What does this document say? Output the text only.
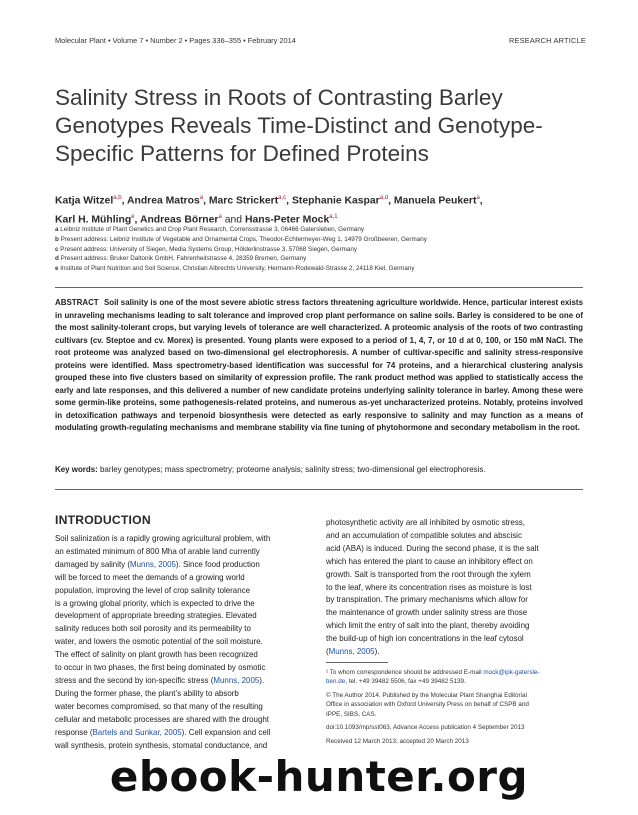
Molecular Plant • Volume 7 • Number 2 • Pages 336–355 • February 2014	RESEARCH ARTICLE
Salinity Stress in Roots of Contrasting Barley
Genotypes Reveals Time-Distinct and Genotype-
Specific Patterns for Defined Proteins
Katja Witzel$^{a,b}$, Andrea Matros$^a$, Marc Strickert$^{a,c}$, Stephanie Kaspar$^{a,d}$, Manuela Peukert$^a$,
Karl H. Mühling$^e$, Andreas Börner$^a$ and Hans-Peter Mock$^{a,1}$
a Leibniz Institute of Plant Genetics and Crop Plant Research, Corrensstrasse 3, 06466 Gatersleben, Germany
b Present address: Leibniz Institute of Vegetable and Ornamental Crops, Theodor-Echtermeyer-Weg 1, 14979 Großbeeren, Germany
c Present address: University of Siegen, Media Systems Group, Hölderlinstrasse 3, 57068 Siegen, Germany
d Present address: Bruker Daltonik GmbH, Fahrenheitstrasse 4, 28359 Bremen, Germany
e Institute of Plant Nutrition and Soil Science, Christian Albrechts University, Hermann-Rodewald-Strasse 2, 24118 Kiel, Germany

ABSTRACT Soil salinity is one of the most severe abiotic stress factors threatening agriculture worldwide. Hence, particular interest exists in unraveling mechanisms leading to salt tolerance and improved crop plant performance on saline soils. Barley is considered to be one of the most salinity-tolerant crops, but varying levels of tolerance are well characterized. A proteomic analysis of the roots of two contrasting cultivars (cv. Steptoe and cv. Morex) is presented. Young plants were exposed to a period of 1, 4, 7, or 10 d at 0, 100, or 150 mM NaCl. The root proteome was analyzed based on two-dimensional gel electrophoresis. A number of cultivar-specific and salinity stress-responsive proteins were identified. Mass spectrometry-based identification was successful for 74 proteins, and a hierarchical clustering analysis grouped these into five clusters based on similarity of expression profile. The rank product method was applied to statistically access the early and late responses, and this delivered a number of new candidate proteins underlying salinity tolerance in barley. Among these were some germin-like proteins, some pathogenesis-related proteins, and numerous as-yet uncharacterized proteins. Notably, proteins involved in detoxification pathways and terpenoid biosynthesis were detected as early responsive to salinity and may function as a means of modulating growth-regulating mechanisms and membrane stability via fine tuning of phytohormone and secondary metabolism in the root.

Key words: barley genotypes; mass spectrometry; proteome analysis; salinity stress; two-dimensional gel electrophoresis.

INTRODUCTION
Soil salinization is a rapidly growing agricultural problem, with
an estimated minimum of 800 Mha of arable land currently
damaged by salinity (Munns, 2005). Since food production
will be forced to meet the demands of a growing world
population, improving the level of crop salinity tolerance
is a growing global priority, which is expected to drive the
development of appropriate breeding strategies. Elevated
salinity reduces both soil porosity and its permeability to
water, and lowers the osmotic potential of the soil moisture.
The effect of salinity on plant growth has been recognized
to occur in two phases, the first being dominated by osmotic
stress and the second by ion-specific stress (Munns, 2005).
During the former phase, the plant’s ability to absorb
water becomes compromised, so that many of the resulting
cellular and metabolic processes are shared with the drought
response (Bartels and Sunkar, 2005). Cell expansion and cell
wall synthesis, protein synthesis, stomatal conductance, and
photosynthetic activity are all inhibited by osmotic stress,
and an accumulation of compatible solutes and abscisic
acid (ABA) is induced. During the second phase, it is the salt
which has entered the plant to cause an inhibitory effect on
growth. Salt is transported from the root through the xylem
to the leaf, where its concentration rises as moisture is lost
by transpiration. The primary mechanisms which allow for
the maintenance of growth under salinity stress are those
which limit the entry of salt into the plant, thereby avoiding
the build-up of high ion concentrations in the leaf cytosol
(Munns, 2005).
¹ To whom correspondence should be addressed E-mail mock@ipk-gatersle-
ben.de, tel. +49 39482 5506, fax +49 39482 5139.
© The Author 2014. Published by the Molecular Plant Shanghai Editorial
Office in association with Oxford University Press on behalf of CSPB and
IPPE, SIBS, CAS.
doi:10.1093/mp/sst063, Advance Access publication 4 September 2013
Received 12 March 2013; accepted 20 March 2013
ebook-hunter.org
